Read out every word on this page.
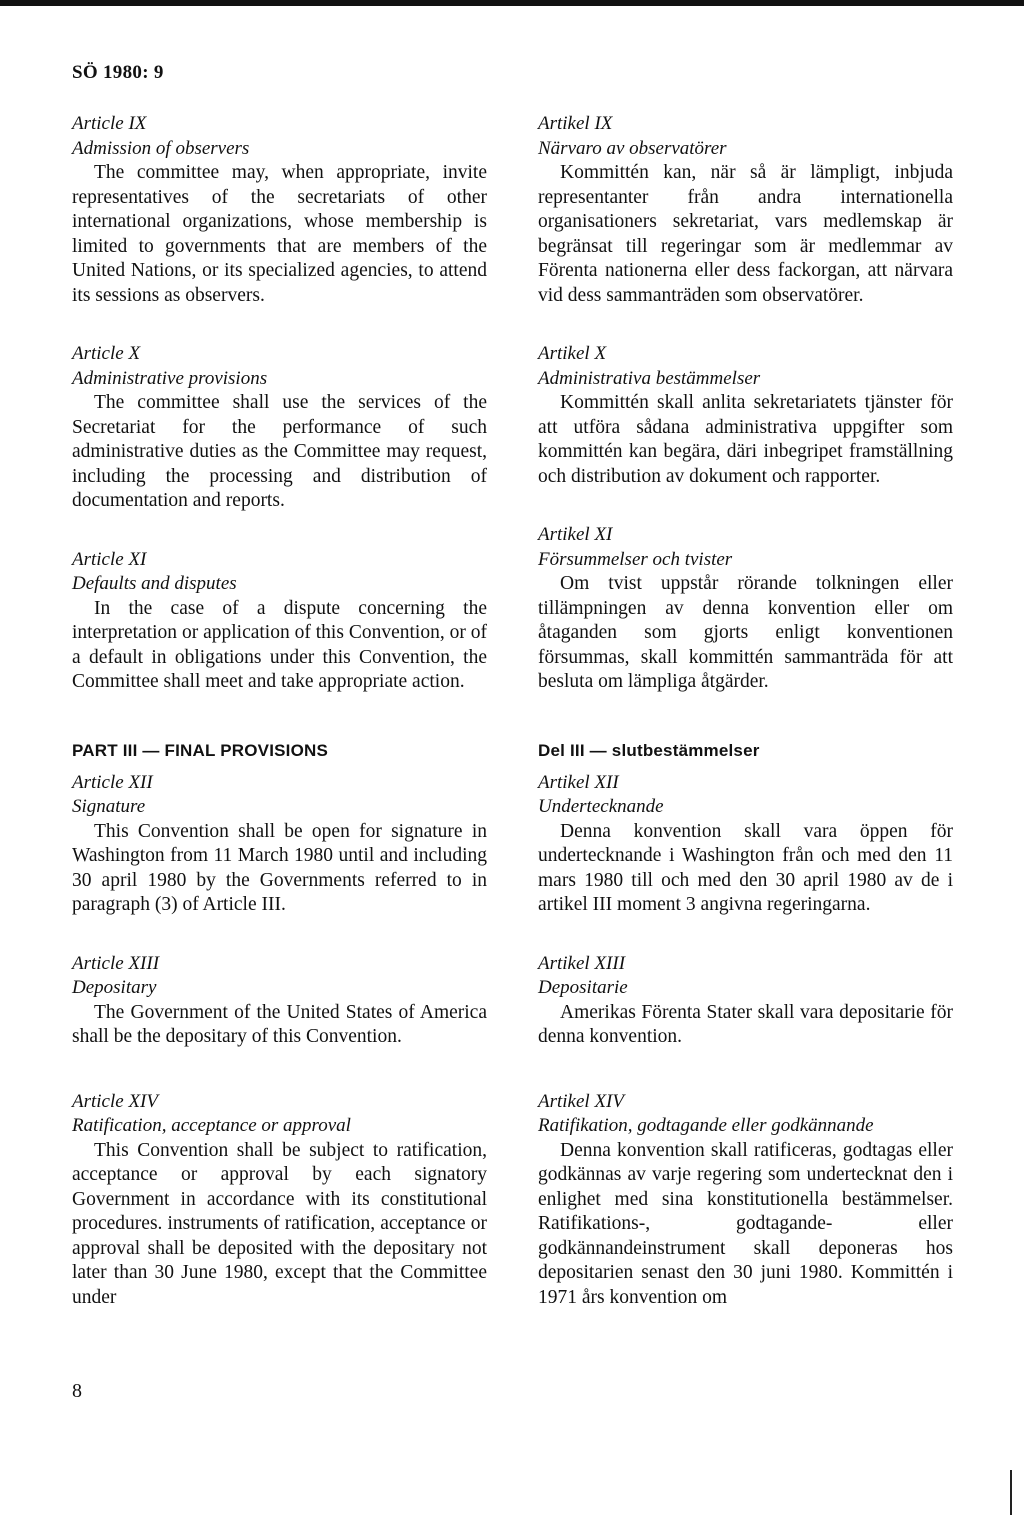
SÖ 1980: 9

Article IX

Admission of observers

The committee may, when appropriate, invite representatives of the secretariats of other international organizations, whose membership is limited to governments that are members of the United Nations, or its specialized agencies, to attend its sessions as observers.

Article X

Administrative provisions

The committee shall use the services of the Secretariat for the performance of such administrative duties as the Committee may request, including the processing and distribution of documentation and reports.

Article XI

Defaults and disputes

In the case of a dispute concerning the interpretation or application of this Convention, or of a default in obligations under this Convention, the Committee shall meet and take appropriate action.

PART III — FINAL PROVISIONS

Article XII

Signature

This Convention shall be open for signature in Washington from 11 March 1980 until and including 30 april 1980 by the Governments referred to in paragraph (3) of Article III.

Article XIII

Depositary

The Government of the United States of America shall be the depositary of this Convention.

Article XIV

Ratification, acceptance or approval

This Convention shall be subject to ratification, acceptance or approval by each signatory Government in accordance with its constitutional procedures. instruments of ratification, acceptance or approval shall be deposited with the depositary not later than 30 June 1980, except that the Committee under

Artikel IX

Närvaro av observatörer

Kommittén kan, när så är lämpligt, inbjuda representanter från andra internationella organisationers sekretariat, vars medlemskap är begränsat till regeringar som är medlemmar av Förenta nationerna eller dess fackorgan, att närvara vid dess sammanträden som observatörer.

Artikel X

Administrativa bestämmelser

Kommittén skall anlita sekretariatets tjänster för att utföra sådana administrativa uppgifter som kommittén kan begära, däri inbegripet framställning och distribution av dokument och rapporter.

Artikel XI

Försummelser och tvister

Om tvist uppstår rörande tolkningen eller tillämpningen av denna konvention eller om åtaganden som gjorts enligt konventionen försummas, skall kommittén sammanträda för att besluta om lämpliga åtgärder.

Del III — slutbestämmelser

Artikel XII

Undertecknande

Denna konvention skall vara öppen för undertecknande i Washington från och med den 11 mars 1980 till och med den 30 april 1980 av de i artikel III moment 3 angivna regeringarna.

Artikel XIII

Depositarie

Amerikas Förenta Stater skall vara depositarie för denna konvention.

Artikel XIV

Ratifikation, godtagande eller godkännande

Denna konvention skall ratificeras, godtagas eller godkännas av varje regering som undertecknat den i enlighet med sina konstitutionella bestämmelser. Ratifikations-, godtagande- eller godkännandeinstrument skall deponeras hos depositarien senast den 30 juni 1980. Kommittén i 1971 års konvention om

8
